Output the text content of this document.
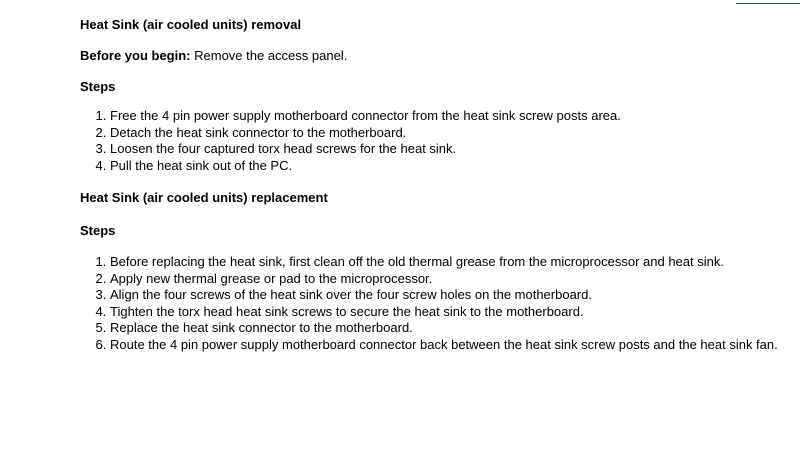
Heat Sink (air cooled units) removal

Before you begin: Remove the access panel.

Steps
1. Free the 4 pin power supply motherboard connector from the heat sink screw posts area.
2. Detach the heat sink connector to the motherboard.
3. Loosen the four captured torx head screws for the heat sink.
4. Pull the heat sink out of the PC.
Heat Sink (air cooled units) replacement
Steps
1. Before replacing the heat sink, first clean off the old thermal grease from the microprocessor and heat sink.
2. Apply new thermal grease or pad to the microprocessor.
3. Align the four screws of the heat sink over the four screw holes on the motherboard.
4. Tighten the torx head heat sink screws to secure the heat sink to the motherboard.
5. Replace the heat sink connector to the motherboard.
6. Route the 4 pin power supply motherboard connector back between the heat sink screw posts and the heat sink fan.
